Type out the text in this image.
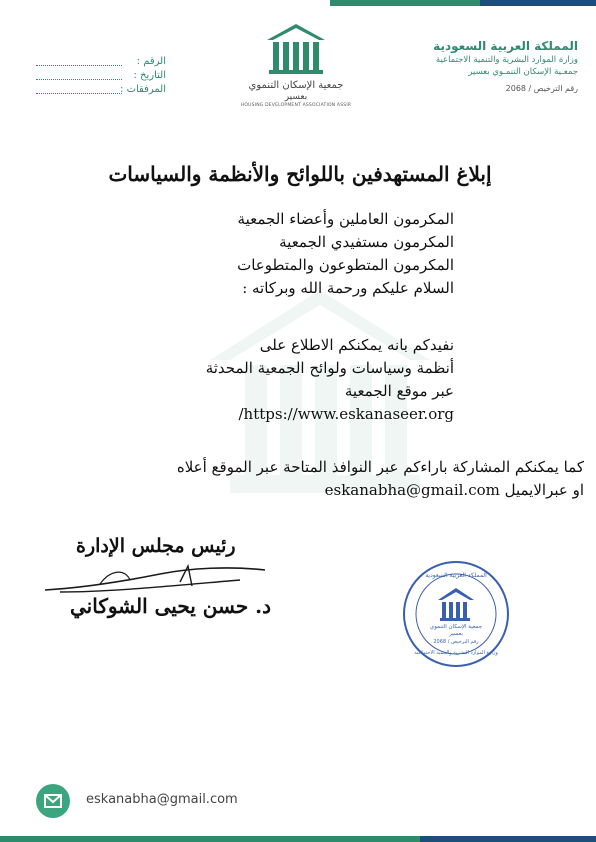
المملكة العربية السعودية
وزارة الموارد البشرية والتنمية الاجتماعية
جمعـية الإسكان التنمـوي بعسير
رقم الترخيص / 2068
جمعية الإسكان التنموي
بعسير
HOUSING DEVELOPMENT ASSOCIATION ASSIR
الرقم :
التاريخ :
المرفقات :
إبلاغ المستهدفين باللوائح والأنظمة والسياسات
المكرمون العاملين وأعضاء الجمعية
المكرمون مستفيدي الجمعية
المكرمون المتطوعون والمتطوعات
السلام عليكم ورحمة الله وبركاته :
نفيدكم بانه يمكنكم الاطلاع على
أنظمة وسياسات ولوائح الجمعية المحدثة
عبر موقع الجمعية
/https://www.eskanaseer.org
كما يمكنكم المشاركة باراءكم عبر النوافذ المتاحة عبر الموقع أعلاه
او عبرالايميل eskanabha@gmail.com
رئيس مجلس الإدارة
د. حسن يحيى الشوكاني
المملكة العربية السعودية
جمعية الإسكان التنموي
بعسير
رقم الترخيص / 2068
وزارة الموارد البشرية والتنمية الاجتماعية
eskanabha@gmail.com
